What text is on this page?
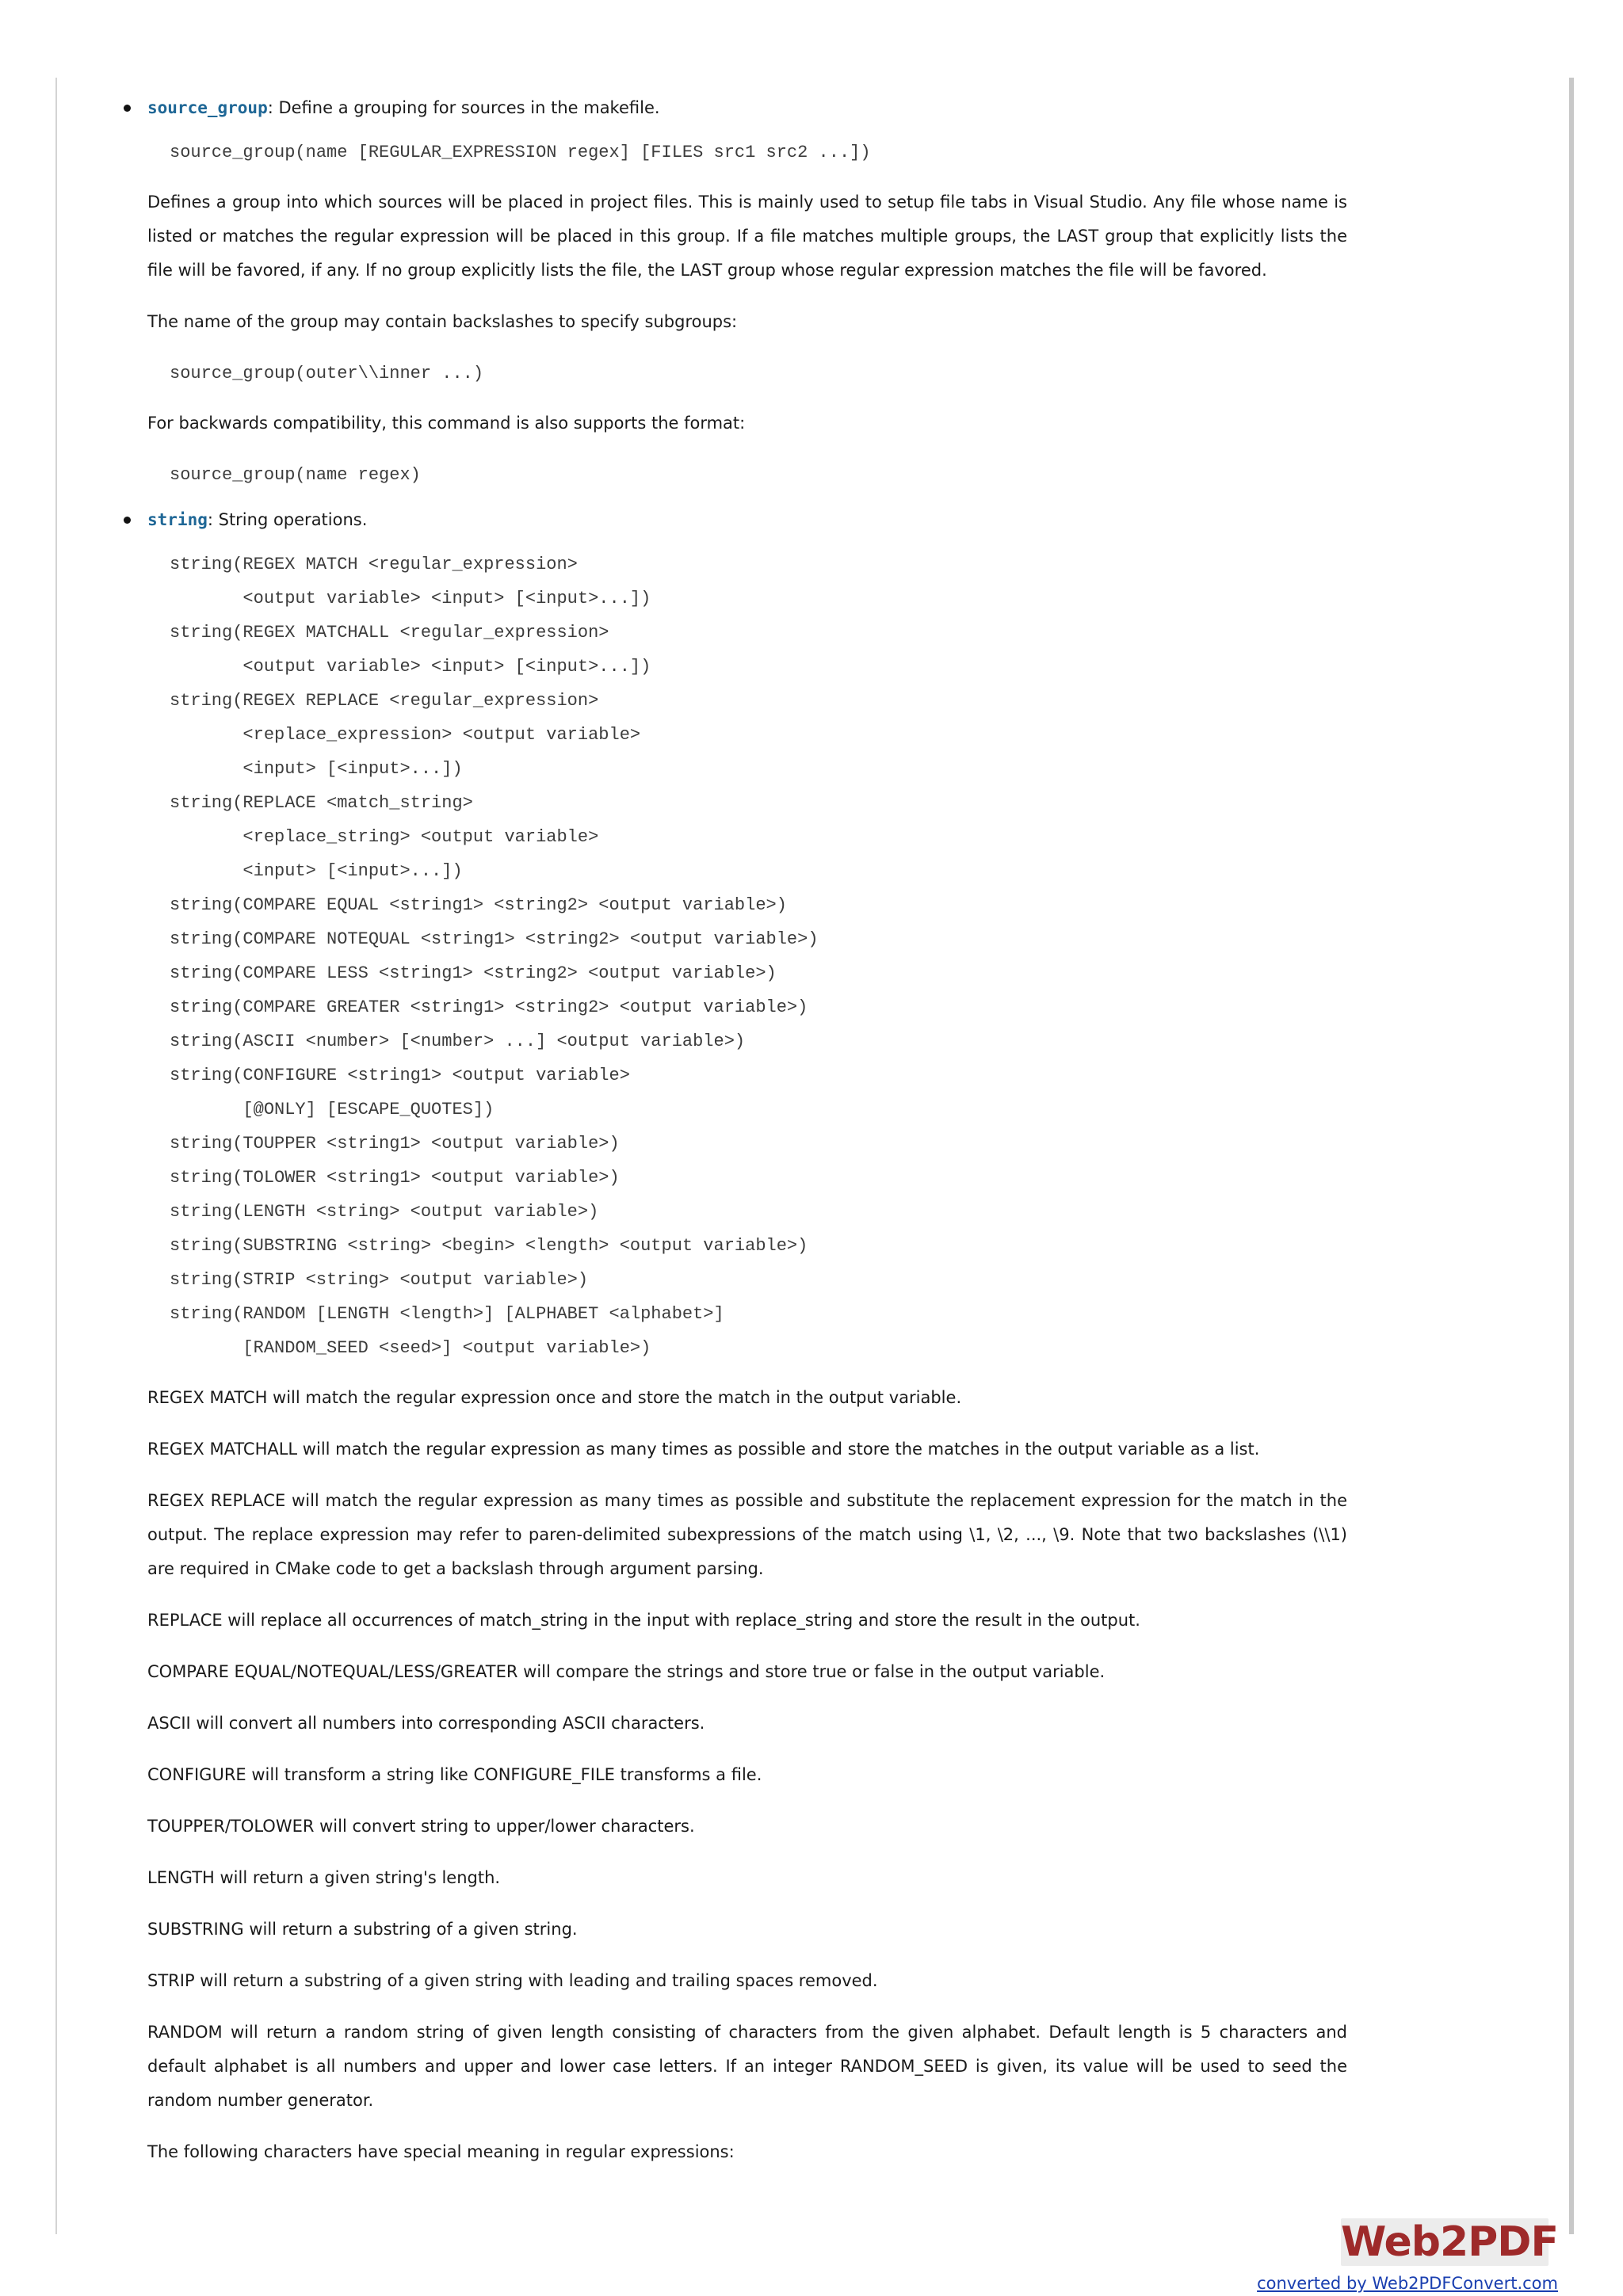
source_group: Define a grouping for sources in the makefile.
source_group(name [REGULAR_EXPRESSION regex] [FILES src1 src2 ...])

Defines a group into which sources will be placed in project files. This is mainly used to setup file tabs in Visual Studio. Any file whose name is listed or matches the regular expression will be placed in this group. If a file matches multiple groups, the LAST group that explicitly lists the file will be favored, if any. If no group explicitly lists the file, the LAST group whose regular expression matches the file will be favored.

The name of the group may contain backslashes to specify subgroups:

source_group(outer\\inner ...)

For backwards compatibility, this command is also supports the format:

source_group(name regex)
string: String operations.
string(REGEX MATCH <regular_expression>
<output variable> <input> [<input>...])
string(REGEX MATCHALL <regular_expression>
<output variable> <input> [<input>...])
string(REGEX REPLACE <regular_expression>
<replace_expression> <output variable>
<input> [<input>...])
string(REPLACE <match_string>
<replace_string> <output variable>
<input> [<input>...])
string(COMPARE EQUAL <string1> <string2> <output variable>)
string(COMPARE NOTEQUAL <string1> <string2> <output variable>)
string(COMPARE LESS <string1> <string2> <output variable>)
string(COMPARE GREATER <string1> <string2> <output variable>)
string(ASCII <number> [<number> ...] <output variable>)
string(CONFIGURE <string1> <output variable>
[@ONLY] [ESCAPE_QUOTES])
string(TOUPPER <string1> <output variable>)
string(TOLOWER <string1> <output variable>)
string(LENGTH <string> <output variable>)
string(SUBSTRING <string> <begin> <length> <output variable>)
string(STRIP <string> <output variable>)
string(RANDOM [LENGTH <length>] [ALPHABET <alphabet>]
[RANDOM_SEED <seed>] <output variable>)

REGEX MATCH will match the regular expression once and store the match in the output variable.

REGEX MATCHALL will match the regular expression as many times as possible and store the matches in the output variable as a list.

REGEX REPLACE will match the regular expression as many times as possible and substitute the replacement expression for the match in the output. The replace expression may refer to paren-delimited subexpressions of the match using \1, \2, ..., \9. Note that two backslashes (\\1) are required in CMake code to get a backslash through argument parsing.

REPLACE will replace all occurrences of match_string in the input with replace_string and store the result in the output.

COMPARE EQUAL/NOTEQUAL/LESS/GREATER will compare the strings and store true or false in the output variable.

ASCII will convert all numbers into corresponding ASCII characters.

CONFIGURE will transform a string like CONFIGURE_FILE transforms a file.

TOUPPER/TOLOWER will convert string to upper/lower characters.

LENGTH will return a given string's length.

SUBSTRING will return a substring of a given string.

STRIP will return a substring of a given string with leading and trailing spaces removed.

RANDOM will return a random string of given length consisting of characters from the given alphabet. Default length is 5 characters and default alphabet is all numbers and upper and lower case letters. If an integer RANDOM_SEED is given, its value will be used to seed the random number generator.

The following characters have special meaning in regular expressions:

Web2PDF
converted by Web2PDFConvert.com
